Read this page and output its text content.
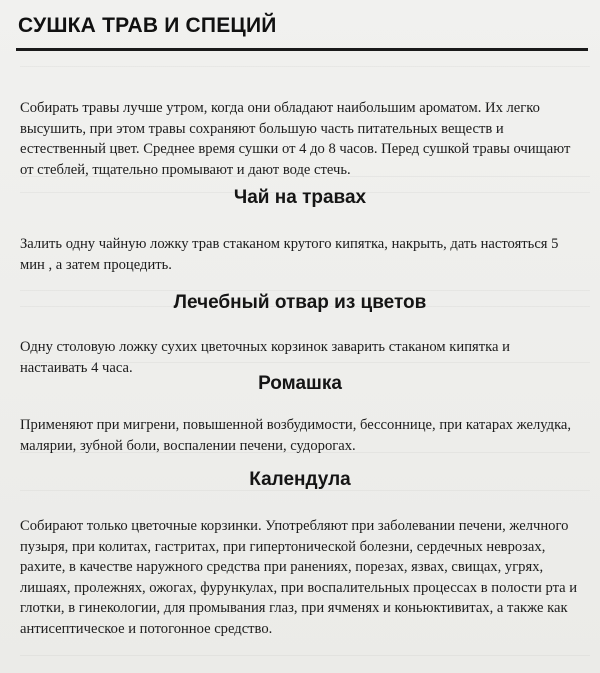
СУШКА ТРАВ И СПЕЦИЙ

Собирать травы лучше утром, когда они обладают наибольшим ароматом. Их легко высушить, при этом травы сохраняют большую часть питательных веществ и естественный цвет. Среднее время сушки от 4 до 8 часов. Перед сушкой травы очищают от стеблей, тщательно промывают и дают воде стечь.

Чай на травах

Залить одну чайную ложку трав стаканом крутого кипятка, накрыть, дать настояться 5 мин , а затем процедить.

Лечебный отвар из цветов

Одну столовую ложку сухих цветочных корзинок заварить стаканом кипятка и настаивать 4 часа.

Ромашка

Применяют при мигрени, повышенной возбудимости, бессоннице, при катарах желудка, малярии, зубной боли, воспалении печени, судорогах.

Календула

Собирают только цветочные корзинки. Употребляют при заболевании печени, желчного пузыря, при колитах, гастритах, при гипертонической болезни, сердечных неврозах, рахите, в качестве наружного средства при ранениях, порезах, язвах, свищах, угрях, лишаях, пролежнях, ожогах, фурункулах, при воспалительных процессах в полости рта и глотки, в гинекологии, для промывания глаз, при ячменях и коньюктивитах, а также как антисептическое и потогонное средство.
